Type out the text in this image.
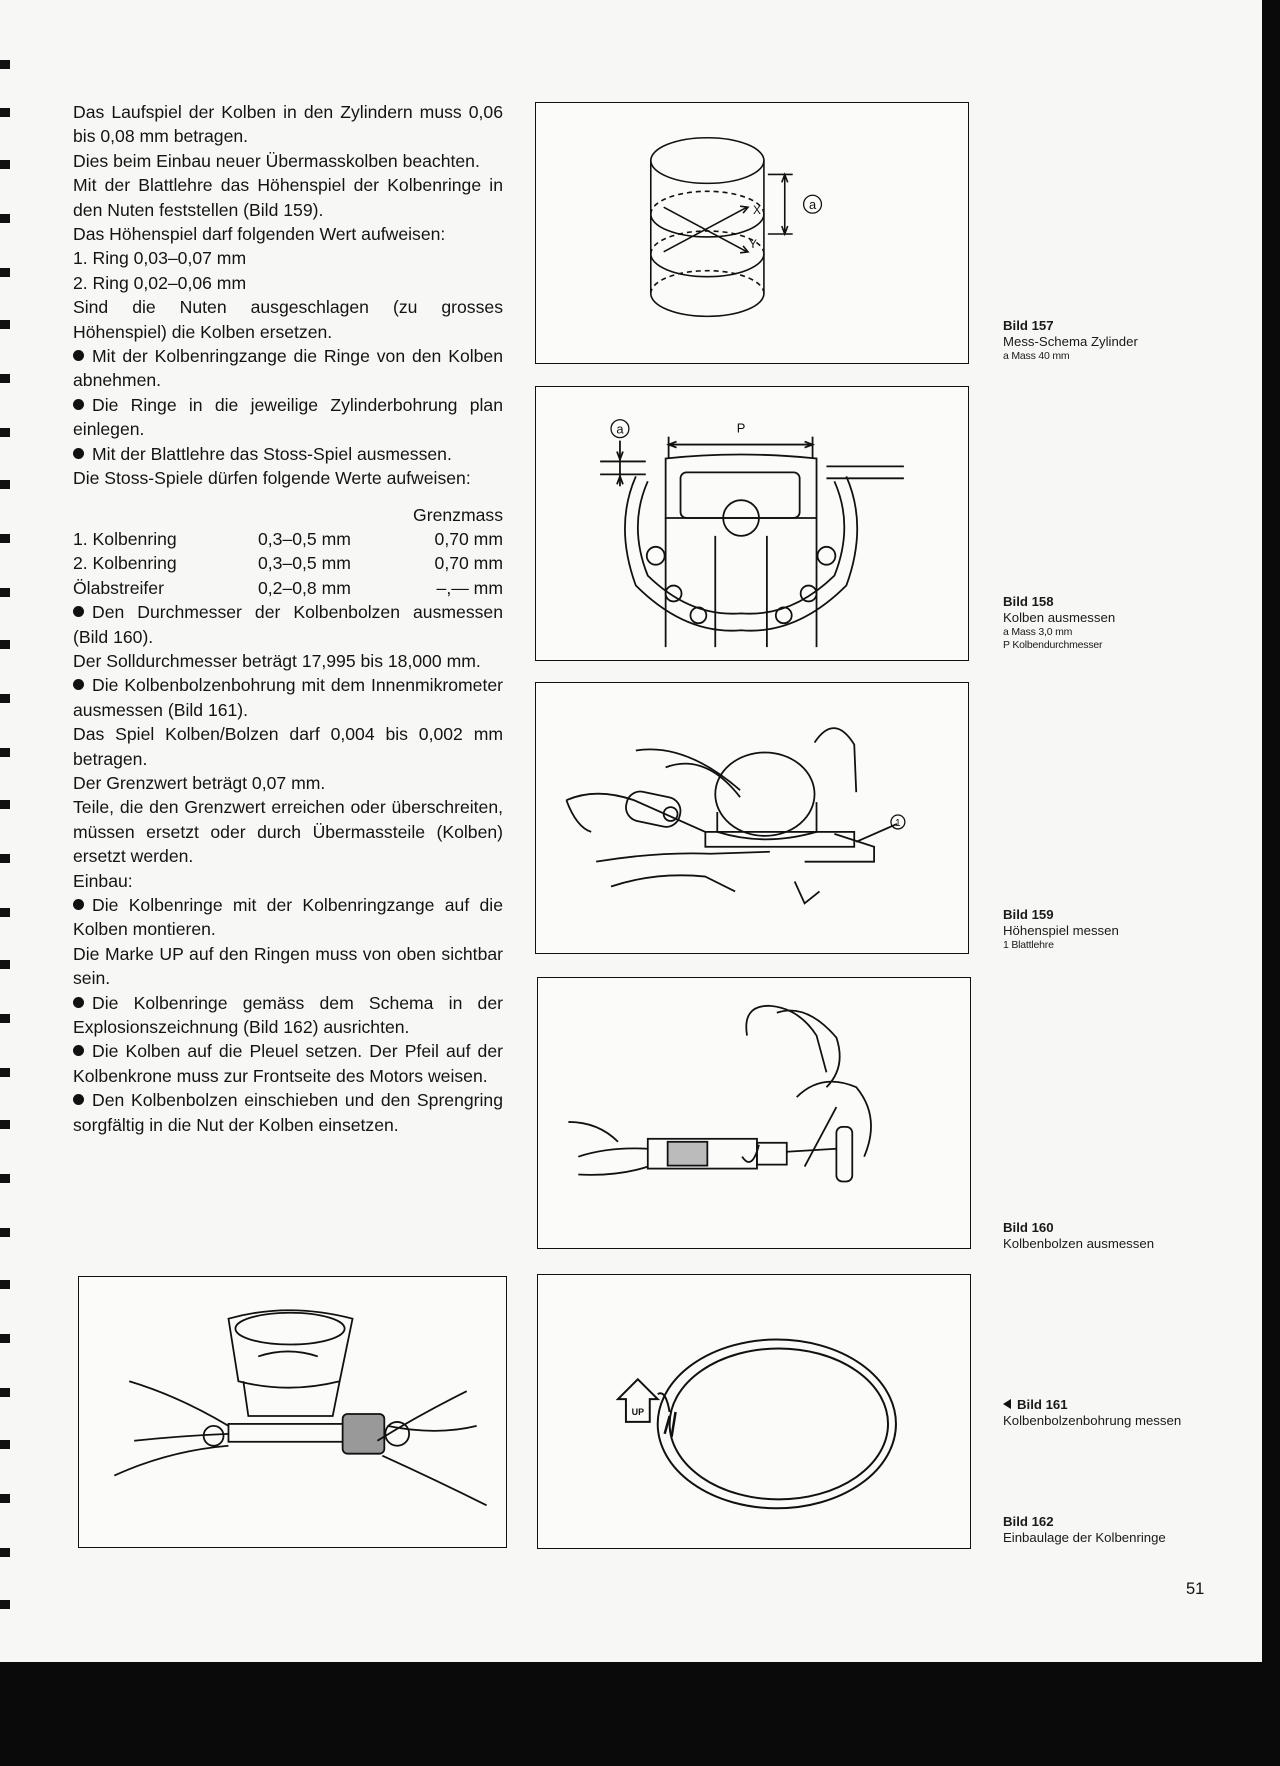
Das Laufspiel der Kolben in den Zylindern muss 0,06 bis 0,08 mm betragen.

Dies beim Einbau neuer Übermasskolben beachten.

Mit der Blattlehre das Höhenspiel der Kolbenringe in den Nuten feststellen (Bild 159).

Das Höhenspiel darf folgenden Wert aufweisen:

1. Ring 0,03–0,07 mm

2. Ring 0,02–0,06 mm

Sind die Nuten ausgeschlagen (zu grosses Höhenspiel) die Kolben ersetzen.

Mit der Kolbenringzange die Ringe von den Kolben abnehmen.

Die Ringe in die jeweilige Zylinderbohrung plan einlegen.

Mit der Blattlehre das Stoss-Spiel ausmessen.

Die Stoss-Spiele dürfen folgende Werte aufweisen:

Grenzmass
1. Kolbenring	0,3–0,5 mm	0,70 mm
2. Kolbenring	0,3–0,5 mm	0,70 mm
Ölabstreifer	0,2–0,8 mm	–,— mm

Den Durchmesser der Kolbenbolzen ausmessen (Bild 160).

Der Solldurchmesser beträgt 17,995 bis 18,000 mm.

Die Kolbenbolzenbohrung mit dem Innenmikrometer ausmessen (Bild 161).

Das Spiel Kolben/Bolzen darf 0,004 bis 0,002 mm betragen.

Der Grenzwert beträgt 0,07 mm.

Teile, die den Grenzwert erreichen oder überschreiten, müssen ersetzt oder durch Übermassteile (Kolben) ersetzt werden.

Einbau:

Die Kolbenringe mit der Kolbenringzange auf die Kolben montieren.

Die Marke UP auf den Ringen muss von oben sichtbar sein.

Die Kolbenringe gemäss dem Schema in der Explosionszeichnung (Bild 162) ausrichten.

Die Kolben auf die Pleuel setzen. Der Pfeil auf der Kolbenkrone muss zur Frontseite des Motors weisen.

Den Kolbenbolzen einschieben und den Sprengring sorgfältig in die Nut der Kolben einsetzen.

a
X
Y
a	P
1
UP
Bild 157
Mess-Schema Zylinder
a Mass 40 mm
Bild 158
Kolben ausmessen
a Mass 3,0 mm
P Kolbendurchmesser
Bild 159
Höhenspiel messen
1 Blattlehre
Bild 160
Kolbenbolzen ausmessen
Bild 161
Kolbenbolzenbohrung messen
Bild 162
Einbaulage der Kolbenringe
51
